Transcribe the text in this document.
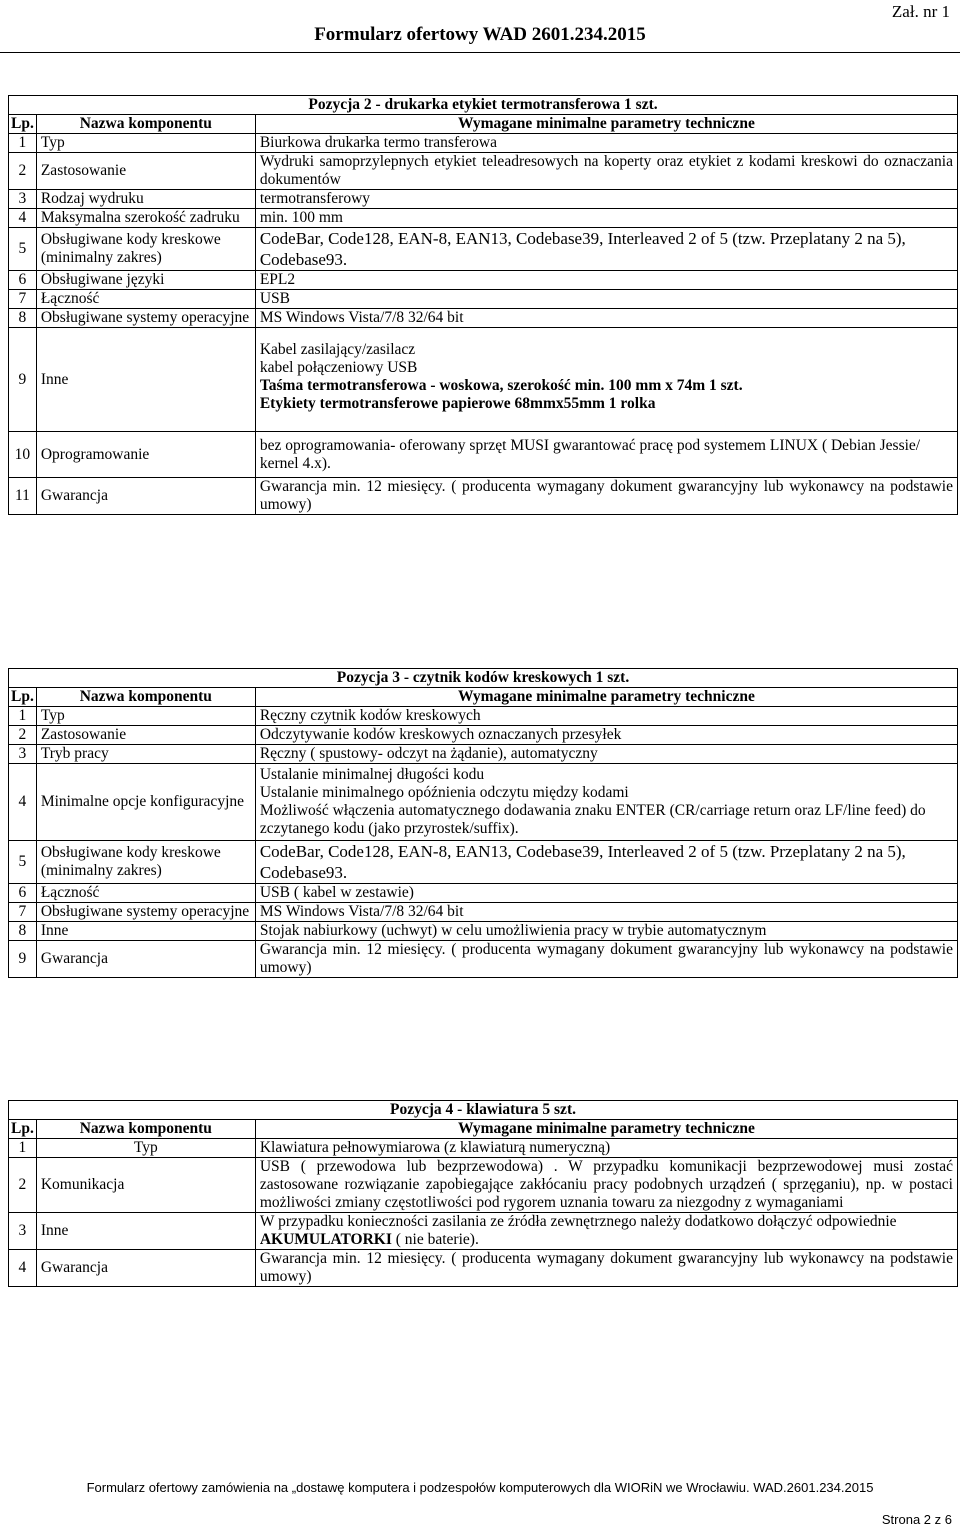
Zał. nr 1
Formularz ofertowy WAD 2601.234.2015
Pozycja 2 - drukarka etykiet termotransferowa 1 szt.		
Lp.	Nazwa komponentu	Wymagane minimalne parametry techniczne
1	Typ	Biurkowa drukarka termo transferowa
2	Zastosowanie	Wydruki samoprzylepnych etykiet teleadresowych na koperty oraz etykiet z kodami kreskowi do oznaczania dokumentów
3	Rodzaj wydruku	termotransferowy
4	Maksymalna szerokość zadruku	min. 100 mm
5	Obsługiwane kody kreskowe (minimalny zakres)	CodeBar, Code128, EAN-8, EAN13, Codebase39, Interleaved 2 of 5 (tzw. Przeplatany 2 na 5), Codebase93.
6	Obsługiwane języki	EPL2
7	Łączność	USB
8	Obsługiwane systemy operacyjne	MS Windows Vista/7/8 32/64 bit
9	Inne	Kabel zasilający/zasilacz
kabel połączeniowy USB
Taśma termotransferowa - woskowa, szerokość min. 100 mm x 74m 1 szt.
Etykiety termotransferowe papierowe 68mmx55mm 1 rolka

10	Oprogramowanie	bez oprogramowania- oferowany sprzęt MUSI gwarantować pracę pod systemem LINUX ( Debian Jessie/ kernel 4.x).
11	Gwarancja	Gwarancja min. 12 miesięcy. ( producenta wymagany dokument gwarancyjny lub wykonawcy na podstawie umowy)
Pozycja 3 - czytnik kodów kreskowych 1 szt.		
Lp.	Nazwa komponentu	Wymagane minimalne parametry techniczne
1	Typ	Ręczny czytnik kodów kreskowych
2	Zastosowanie	Odczytywanie kodów kreskowych oznaczanych przesyłek
3	Tryb pracy	Ręczny ( spustowy- odczyt na żądanie), automatyczny
4	Minimalne opcje konfiguracyjne	Ustalanie minimalnej długości kodu
Ustalanie minimalnego opóźnienia odczytu między kodami
Możliwość włączenia automatycznego dodawania znaku ENTER (CR/carriage return oraz LF/line feed) do zczytanego kodu (jako przyrostek/suffix).

5	Obsługiwane kody kreskowe (minimalny zakres)	CodeBar, Code128, EAN-8, EAN13, Codebase39, Interleaved 2 of 5 (tzw. Przeplatany 2 na 5), Codebase93.
6	Łączność	USB ( kabel w zestawie)
7	Obsługiwane systemy operacyjne	MS Windows Vista/7/8 32/64 bit
8	Inne	Stojak nabiurkowy (uchwyt) w celu umożliwienia pracy w trybie automatycznym
9	Gwarancja	Gwarancja min. 12 miesięcy. ( producenta wymagany dokument gwarancyjny lub wykonawcy na podstawie umowy)
Pozycja 4 - klawiatura 5 szt.		
Lp.	Nazwa komponentu	Wymagane minimalne parametry techniczne
1	Typ	Klawiatura pełnowymiarowa (z klawiaturą numeryczną)
2	Komunikacja	USB ( przewodowa lub bezprzewodowa) . W przypadku komunikacji bezprzewodowej musi zostać zastosowane rozwiązanie zapobiegające zakłócaniu pracy podobnych urządzeń ( sprzęganiu), np. w postaci możliwości zmiany częstotliwości pod rygorem uznania towaru za niezgodny z wymaganiami
3	Inne	W przypadku konieczności zasilania ze źródła zewnętrznego należy dodatkowo dołączyć odpowiednie AKUMULATORKI ( nie baterie).
4	Gwarancja	Gwarancja min. 12 miesięcy. ( producenta wymagany dokument gwarancyjny lub wykonawcy na podstawie umowy)
Formularz ofertowy zamówienia na „dostawę komputera i podzespołów komputerowych dla WIORiN we Wrocławiu. WAD.2601.234.2015
Strona 2 z 6
